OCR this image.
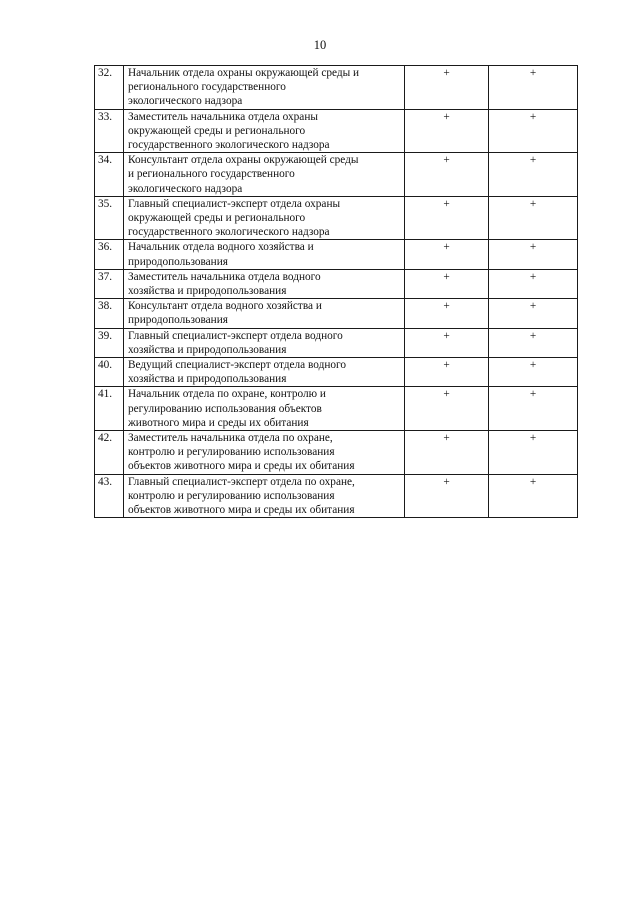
10
32.	Начальник отдела охраны окружающей среды и
регионального государственного
экологического надзора	+	+
33.	Заместитель начальника отдела охраны
окружающей среды и регионального
государственного экологического надзора	+	+
34.	Консультант отдела охраны окружающей среды
и регионального государственного
экологического надзора	+	+
35.	Главный специалист-эксперт отдела охраны
окружающей среды и регионального
государственного экологического надзора	+	+
36.	Начальник отдела водного хозяйства и
природопользования	+	+
37.	Заместитель начальника отдела водного
хозяйства и природопользования	+	+
38.	Консультант отдела водного хозяйства и
природопользования	+	+
39.	Главный специалист-эксперт отдела водного
хозяйства и природопользования	+	+
40.	Ведущий специалист-эксперт отдела водного
хозяйства и природопользования	+	+
41.	Начальник отдела по охране, контролю и
регулированию использования объектов
животного мира и среды их обитания	+	+
42.	Заместитель начальника отдела по охране,
контролю и регулированию использования
объектов животного мира и среды их обитания	+	+
43.	Главный специалист-эксперт отдела по охране,
контролю и регулированию использования
объектов животного мира и среды их обитания	+	+
